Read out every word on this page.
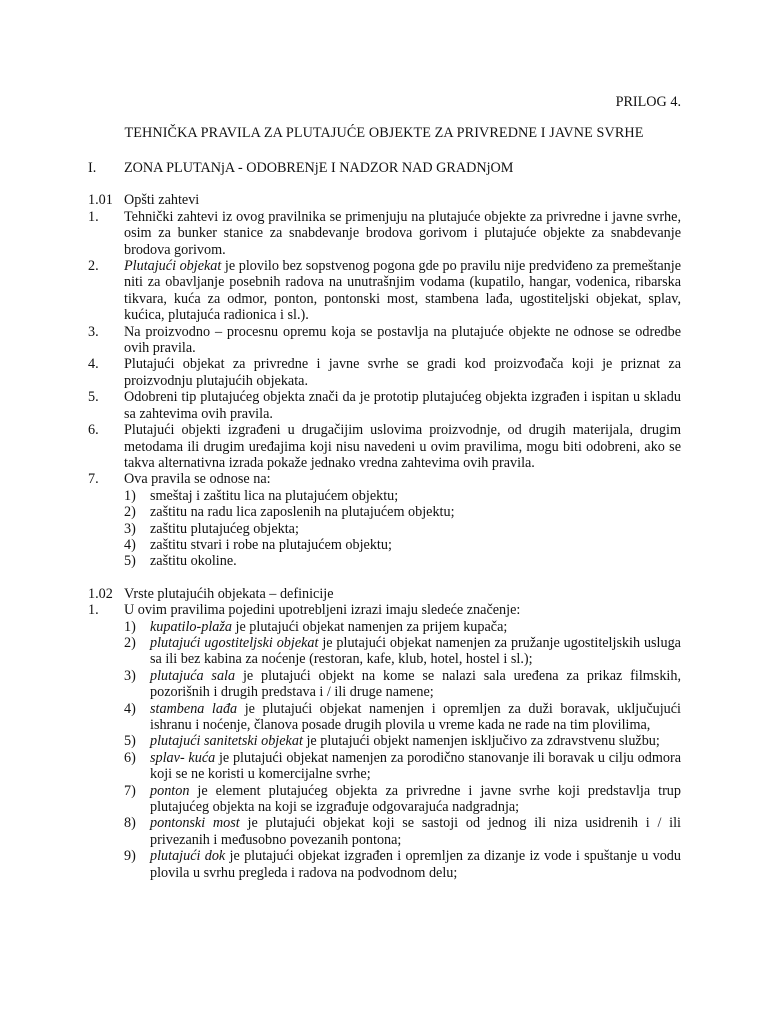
PRILOG 4.
TEHNIČKA PRAVILA ZA PLUTAJUĆE OBJEKTE ZA PRIVREDNE I JAVNE SVRHE
I.	ZONA PLUTANjA - ODOBRENjE I NADZOR NAD GRADNjOM
1.01 Opšti zahtevi
1.	Tehnički zahtevi iz ovog pravilnika se primenjuju na plutajuće objekte za privredne i javne svrhe, osim za bunker stanice za snabdevanje brodova gorivom i plutajuće objekte za snabdevanje brodova gorivom.
2.	Plutajući objekat je plovilo bez sopstvenog pogona gde po pravilu nije predviđeno za premeštanje niti za obavljanje posebnih radova na unutrašnjim vodama (kupatilo, hangar, vodenica, ribarska tikvara, kuća za odmor, ponton, pontonski most, stambena lađa, ugostiteljski objekat, splav, kućica, plutajuća radionica i sl.).
3.	Na proizvodno – procesnu opremu koja se postavlja na plutajuće objekte ne odnose se odredbe ovih pravila.
4.	Plutajući objekat za privredne i javne svrhe se gradi kod proizvođača koji je priznat za proizvodnju plutajućih objekata.
5.	Odobreni tip plutajućeg objekta znači da je prototip plutajućeg objekta izgrađen i ispitan u skladu sa zahtevima ovih pravila.
6.	Plutajući objekti izgrađeni u drugačijim uslovima proizvodnje, od drugih materijala, drugim metodama ili drugim uređajima koji nisu navedeni u ovim pravilima, mogu biti odobreni, ako se takva alternativna izrada pokaže jednako vredna zahtevima ovih pravila.
7.	Ova pravila se odnose na:
1) smeštaj i zaštitu lica na plutajućem objektu;
2) zaštitu na radu lica zaposlenih na plutajućem objektu;
3) zaštitu plutajućeg objekta;
4) zaštitu stvari i robe na plutajućem objektu;
5) zaštitu okoline.
1.02 Vrste plutajućih objekata – definicije
1.	U ovim pravilima pojedini upotrebljeni izrazi imaju sledeće značenje:
1) kupatilo-plaža je plutajući objekat namenjen za prijem kupača;
2) plutajući ugostiteljski objekat je plutajući objekat namenjen za pružanje ugostiteljskih usluga sa ili bez kabina za noćenje (restoran, kafe, klub, hotel, hostel i sl.);
3) plutajuća sala je plutajući objekt na kome se nalazi sala uređena za prikaz filmskih, pozorišnih i drugih predstava i / ili druge namene;
4) stambena lađa je plutajući objekat namenjen i opremljen za duži boravak, uključujući ishranu i noćenje, članova posade drugih plovila u vreme kada ne rade na tim plovilima,
5) plutajući sanitetski objekat je plutajući objekt namenjen isključivo za zdravstvenu službu;
6) splav- kuća je plutajući objekat namenjen za porodično stanovanje ili boravak u cilju odmora koji se ne koristi u komercijalne svrhe;
7) ponton je element plutajućeg objekta za privredne i javne svrhe koji predstavlja trup plutajućeg objekta na koji se izgrađuje odgovarajuća nadgradnja;
8) pontonski most je plutajući objekat koji se sastoji od jednog ili niza usidrenih i / ili privezanih i međusobno povezanih pontona;
9) plutajući dok je plutajući objekat izgrađen i opremljen za dizanje iz vode i spuštanje u vodu plovila u svrhu pregleda i radova na podvodnom delu;
